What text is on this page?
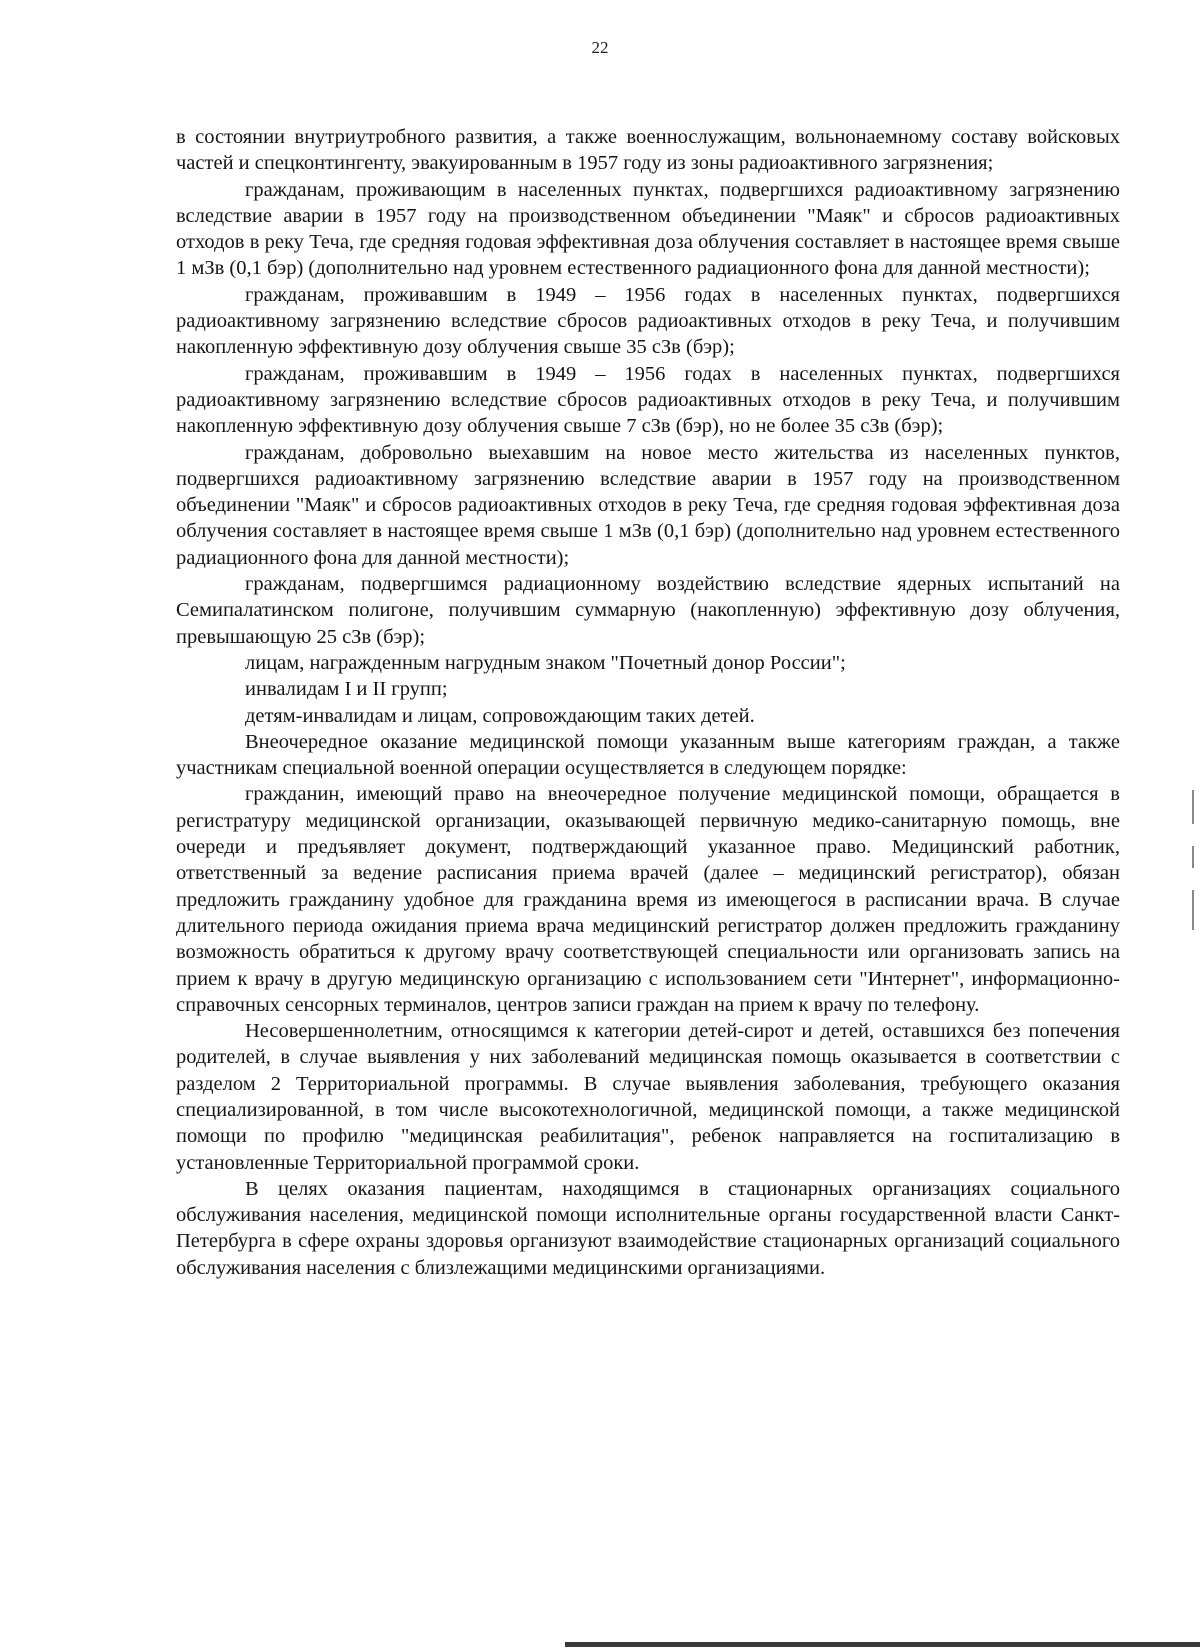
22

в состоянии внутриутробного развития, а также военнослужащим, вольнонаемному составу войсковых частей и спецконтингенту, эвакуированным в 1957 году из зоны радиоактивного загрязнения;

гражданам, проживающим в населенных пунктах, подвергшихся радиоактивному загрязнению вследствие аварии в 1957 году на производственном объединении "Маяк" и сбросов радиоактивных отходов в реку Теча, где средняя годовая эффективная доза облучения составляет в настоящее время свыше 1 мЗв (0,1 бэр) (дополнительно над уровнем естественного радиационного фона для данной местности);

гражданам, проживавшим в 1949 – 1956 годах в населенных пунктах, подвергшихся радиоактивному загрязнению вследствие сбросов радиоактивных отходов в реку Теча, и получившим накопленную эффективную дозу облучения свыше 35 сЗв (бэр);

гражданам, проживавшим в 1949 – 1956 годах в населенных пунктах, подвергшихся радиоактивному загрязнению вследствие сбросов радиоактивных отходов в реку Теча, и получившим накопленную эффективную дозу облучения свыше 7 сЗв (бэр), но не более 35 сЗв (бэр);

гражданам, добровольно выехавшим на новое место жительства из населенных пунктов, подвергшихся радиоактивному загрязнению вследствие аварии в 1957 году на производственном объединении "Маяк" и сбросов радиоактивных отходов в реку Теча, где средняя годовая эффективная доза облучения составляет в настоящее время свыше 1 мЗв (0,1 бэр) (дополнительно над уровнем естественного радиационного фона для данной местности);

гражданам, подвергшимся радиационному воздействию вследствие ядерных испытаний на Семипалатинском полигоне, получившим суммарную (накопленную) эффективную дозу облучения, превышающую 25 сЗв (бэр);

лицам, награжденным нагрудным знаком "Почетный донор России";

инвалидам I и II групп;

детям-инвалидам и лицам, сопровождающим таких детей.

Внеочередное оказание медицинской помощи указанным выше категориям граждан, а также участникам специальной военной операции осуществляется в следующем порядке:

гражданин, имеющий право на внеочередное получение медицинской помощи, обращается в регистратуру медицинской организации, оказывающей первичную медико-санитарную помощь, вне очереди и предъявляет документ, подтверждающий указанное право. Медицинский работник, ответственный за ведение расписания приема врачей (далее – медицинский регистратор), обязан предложить гражданину удобное для гражданина время из имеющегося в расписании врача. В случае длительного периода ожидания приема врача медицинский регистратор должен предложить гражданину возможность обратиться к другому врачу соответствующей специальности или организовать запись на прием к врачу в другую медицинскую организацию с использованием сети "Интернет", информационно-справочных сенсорных терминалов, центров записи граждан на прием к врачу по телефону.

Несовершеннолетним, относящимся к категории детей-сирот и детей, оставшихся без попечения родителей, в случае выявления у них заболеваний медицинская помощь оказывается в соответствии с разделом 2 Территориальной программы. В случае выявления заболевания, требующего оказания специализированной, в том числе высокотехнологичной, медицинской помощи, а также медицинской помощи по профилю "медицинская реабилитация", ребенок направляется на госпитализацию в установленные Территориальной программой сроки.

В целях оказания пациентам, находящимся в стационарных организациях социального обслуживания населения, медицинской помощи исполнительные органы государственной власти Санкт-Петербурга в сфере охраны здоровья организуют взаимодействие стационарных организаций социального обслуживания населения с близлежащими медицинскими организациями.
